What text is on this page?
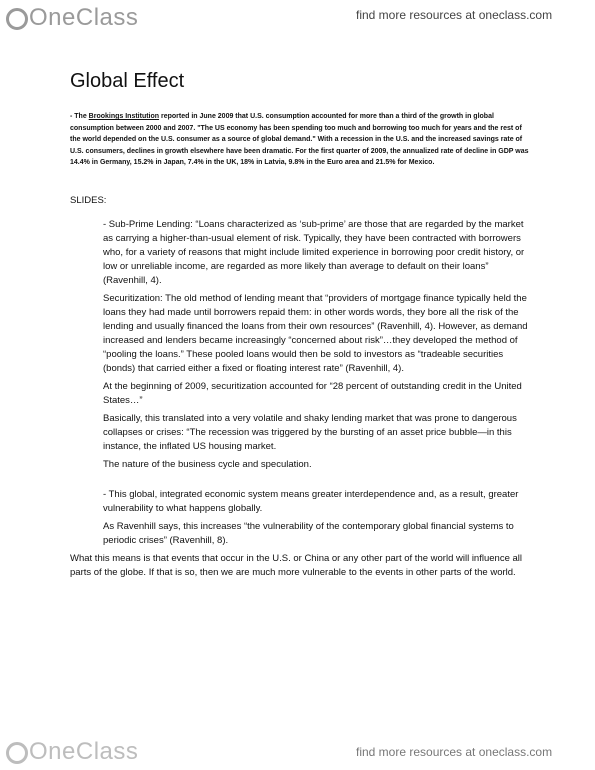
OneClass	find more resources at oneclass.com
Global Effect

- The Brookings Institution reported in June 2009 that U.S. consumption accounted for more than a third of the growth in global consumption between 2000 and 2007. "The US economy has been spending too much and borrowing too much for years and the rest of the world depended on the U.S. consumer as a source of global demand." With a recession in the U.S. and the increased savings rate of U.S. consumers, declines in growth elsewhere have been dramatic. For the first quarter of 2009, the annualized rate of decline in GDP was 14.4% in Germany, 15.2% in Japan, 7.4% in the UK, 18% in Latvia, 9.8% in the Euro area and 21.5% for Mexico.

SLIDES:
- Sub-Prime Lending: “Loans characterized as ‘sub-prime’ are those that are regarded by the market as carrying a higher-than-usual element of risk. Typically, they have been contracted with borrowers who, for a variety of reasons that might include limited experience in borrowing poor credit history, or low or unreliable income, are regarded as more likely than average to default on their loans” (Ravenhill, 4).
Securitization: The old method of lending meant that “providers of mortgage finance typically held the loans they had made until borrowers repaid them: in other words words, they bore all the risk of the lending and usually financed the loans from their own resources” (Ravenhill, 4). However, as demand increased and lenders became increasingly “concerned about risk”…they developed the method of “pooling the loans.” These pooled loans would then be sold to investors as “tradeable securities (bonds) that carried either a fixed or floating interest rate” (Ravenhill, 4).
At the beginning of 2009, securitization accounted for “28 percent of outstanding credit in the United States…”
Basically, this translated into a very volatile and shaky lending market that was prone to dangerous collapses or crises: “The recession was triggered by the bursting of an asset price bubble—in this instance, the inflated US housing market.
The nature of the business cycle and speculation.
- This global, integrated economic system means greater interdependence and, as a result, greater vulnerability to what happens globally.
As Ravenhill says, this increases “the vulnerability of the contemporary global financial systems to periodic crises” (Ravenhill, 8).

What this means is that events that occur in the U.S. or China or any other part of the world will influence all parts of the globe. If that is so, then we are much more vulnerable to the events in other parts of the world.

OneClass	find more resources at oneclass.com
